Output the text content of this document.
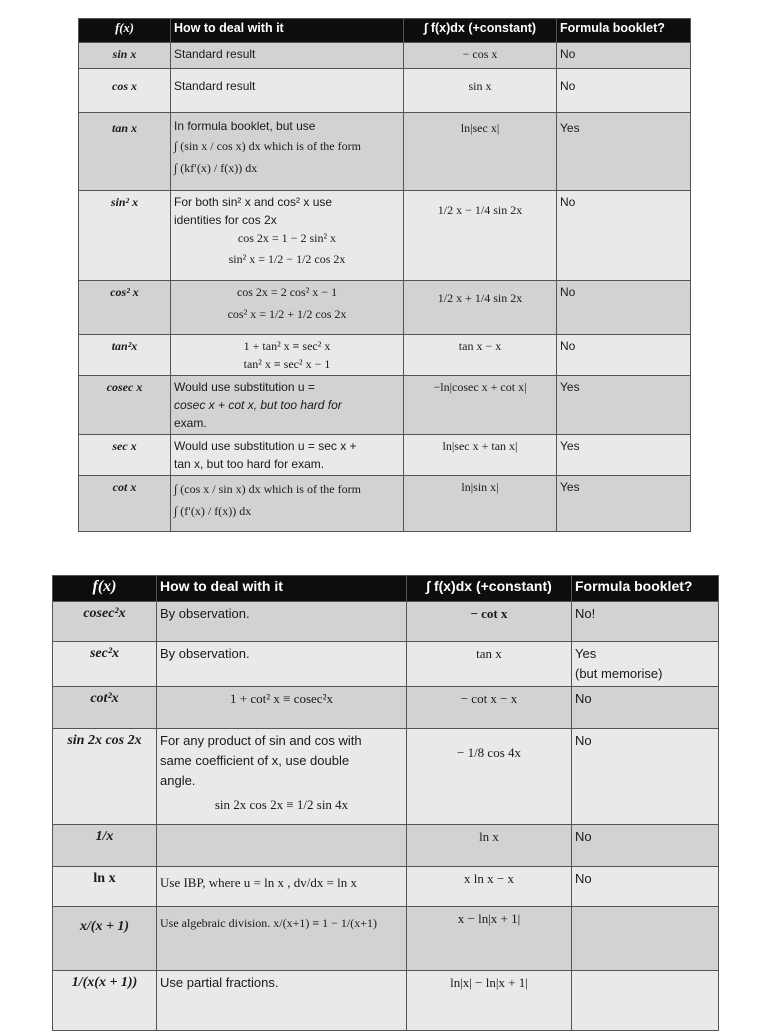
f(x)	How to deal with it	∫ f(x)dx (+constant)	Formula booklet?
sin x	Standard result	− cos x	No
cos x	Standard result	sin x	No
tan x	In formula booklet, but use
∫ (sin x / cos x) dx which is of the form
∫ (kf′(x) / f(x)) dx	ln|sec x|	Yes
sin² x	For both sin² x and cos² x use
identities for cos 2x
cos 2x = 1 − 2 sin² x
sin² x = 1/2 − 1/2 cos 2x	1/2 x − 1/4 sin 2x	No
cos² x	cos 2x = 2 cos² x − 1
cos² x = 1/2 + 1/2 cos 2x	1/2 x + 1/4 sin 2x	No
tan²x	1 + tan² x ≡ sec² x
tan² x ≡ sec² x − 1	tan x − x	No
cosec x	Would use substitution u =
cosec x + cot x, but too hard for
exam.	−ln|cosec x + cot x|	Yes
sec x	Would use substitution u = sec x +
tan x, but too hard for exam.	ln|sec x + tan x|	Yes
cot x	∫ (cos x / sin x) dx which is of the form
∫ (f′(x) / f(x)) dx	ln|sin x|	Yes
f(x)	How to deal with it	∫ f(x)dx (+constant)	Formula booklet?
cosec²x	By observation.	− cot x	No!

sec²x	By observation.	tan x	Yes
(but memorise)

cot²x	1 + cot² x ≡ cosec²x	− cot x − x	No

sin 2x cos 2x	For any product of sin and cos with
same coefficient of x, use double
angle.
sin 2x cos 2x ≡ 1/2 sin 4x	− 1/8 cos 4x	No

1/x		ln x	No

ln x	Use IBP, where u = ln x , dv/dx = ln x	x ln x − x	No

x/(x + 1)	Use algebraic division. x/(x+1) ≡ 1 − 1/(x+1)	x − ln|x + 1|	

1/(x(x + 1))	Use partial fractions.	ln|x| − ln|x + 1|	
